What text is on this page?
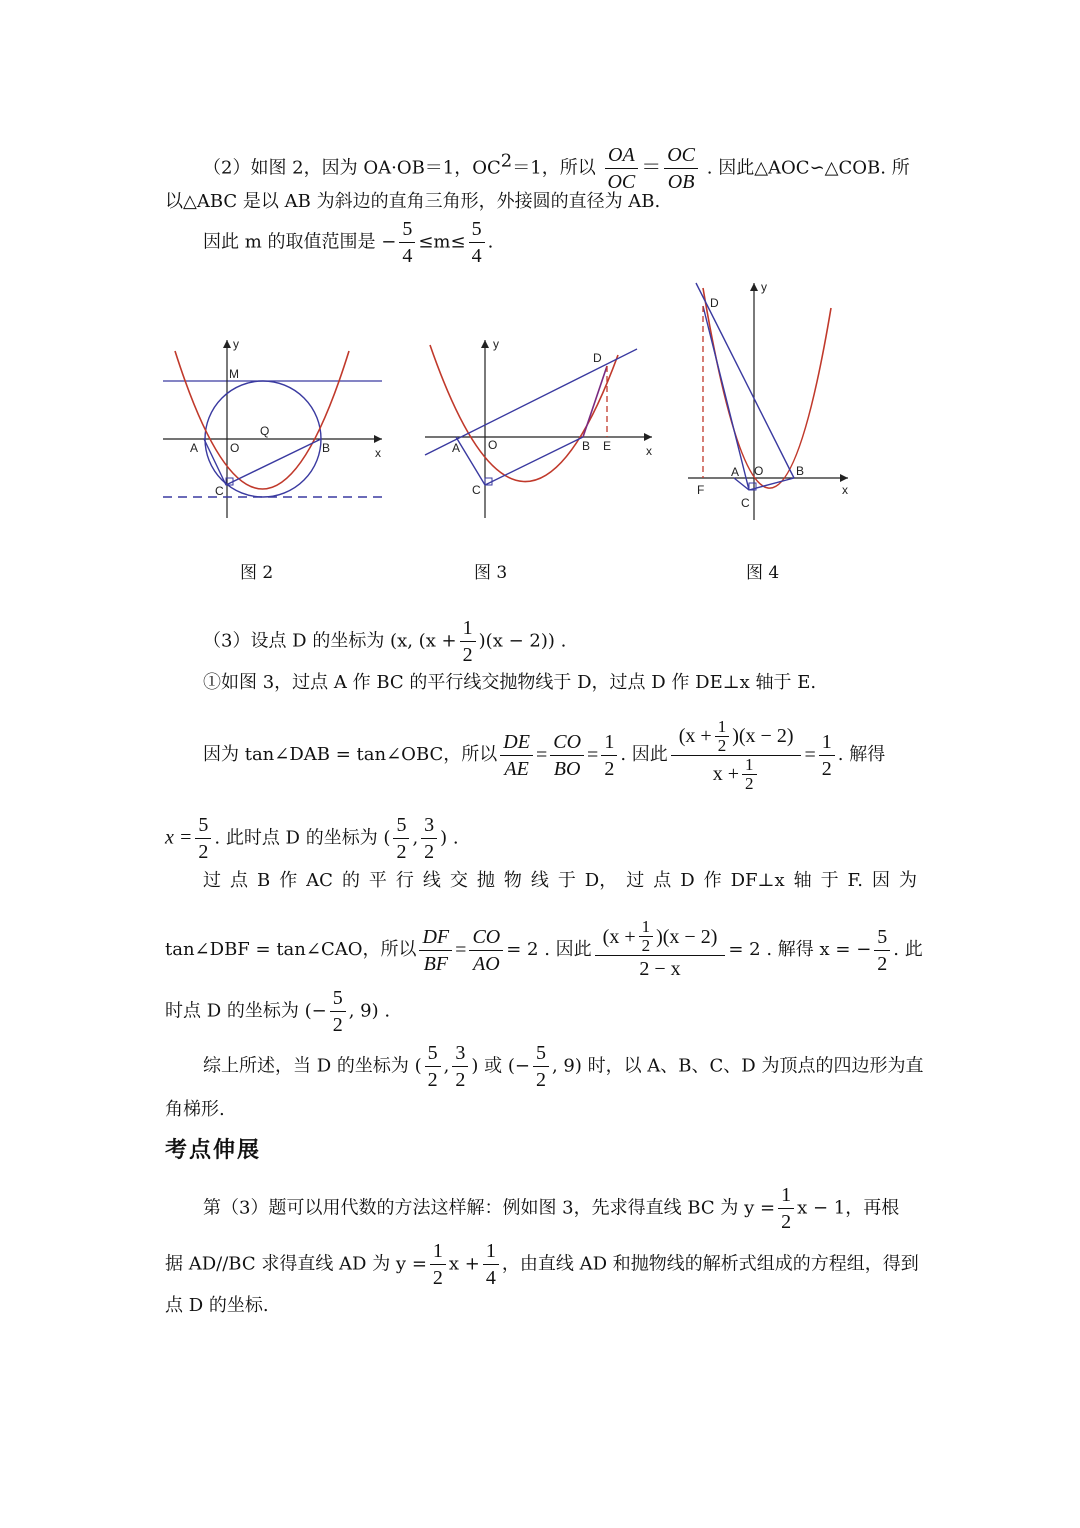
（2）如图 2，因为 OA·OB＝1，$OC^2=1$，所以 $\frac{OA}{OC} = \frac{OC}{OB}$ . 因此△AOC∽△COB. 所
以△ABC 是以 AB 为斜边的直角三角形，外接圆的直径为 AB.
因此 m 的取值范围是 − $\frac{5}{4} \le m\le \frac{5}{4}$ .
y
M
Q
A	O	B	x
C
图 2
y
D
A O	B E	x
C
图 3
D
y
A O	B
F
C
x
图 4
（3）设点 D 的坐标为 (x, $(x + \frac{1}{2} )(x - 2)$) .
①如图 3，过点 A 作 BC 的平行线交抛物线于 D，过点 D 作 DE⊥x 轴于 E.
因为 tan∠DAB = tan∠OBC，所以 $\frac{DE}{AE} = \frac{CO}{BO} = \frac{1}{2}$ . 因此 $\frac{(x + \frac{1}{2} )(x - 2)}{x + \frac{1}{2}} = \frac{1}{2}$ . 解得
$x = \frac{5}{2}$ . 此时点 D 的坐标为 ( $\frac{5}{2}$ , $\frac{3}{2}$ ) .
过 点 B 作 AC 的 平 行 线 交 抛 物 线 于 D， 过 点 D 作 DF⊥x 轴 于 F. 因 为
tan∠DBF = tan∠CAO，所以 $\frac{DF}{BF} = \frac{CO}{AO} = 2$ . 因此 $\frac{(x + \frac{1}{2} )(x - 2)}{2 - x} = 2$ . 解得 x = − $\frac{5}{2}$ . 此
时点 D 的坐标为 (− $\frac{5}{2}$ , 9) .
综上所述，当 D 的坐标为 ( $\frac{5}{2}$ , $\frac{3}{2}$ ) 或 (− $\frac{5}{2}$ , 9) 时，以 A、B、C、D 为顶点的四边形为直
角梯形.
考点伸展
第（3）题可以用代数的方法这样解：例如图 3，先求得直线 BC 为 $y = \frac{1}{2}$ x − 1，再根
据 AD//BC 求得直线 AD 为 $y = \frac{1}{2}$ $x + \frac{1}{4}$ ，由直线 AD 和抛物线的解析式组成的方程组，得到
点 D 的坐标.
